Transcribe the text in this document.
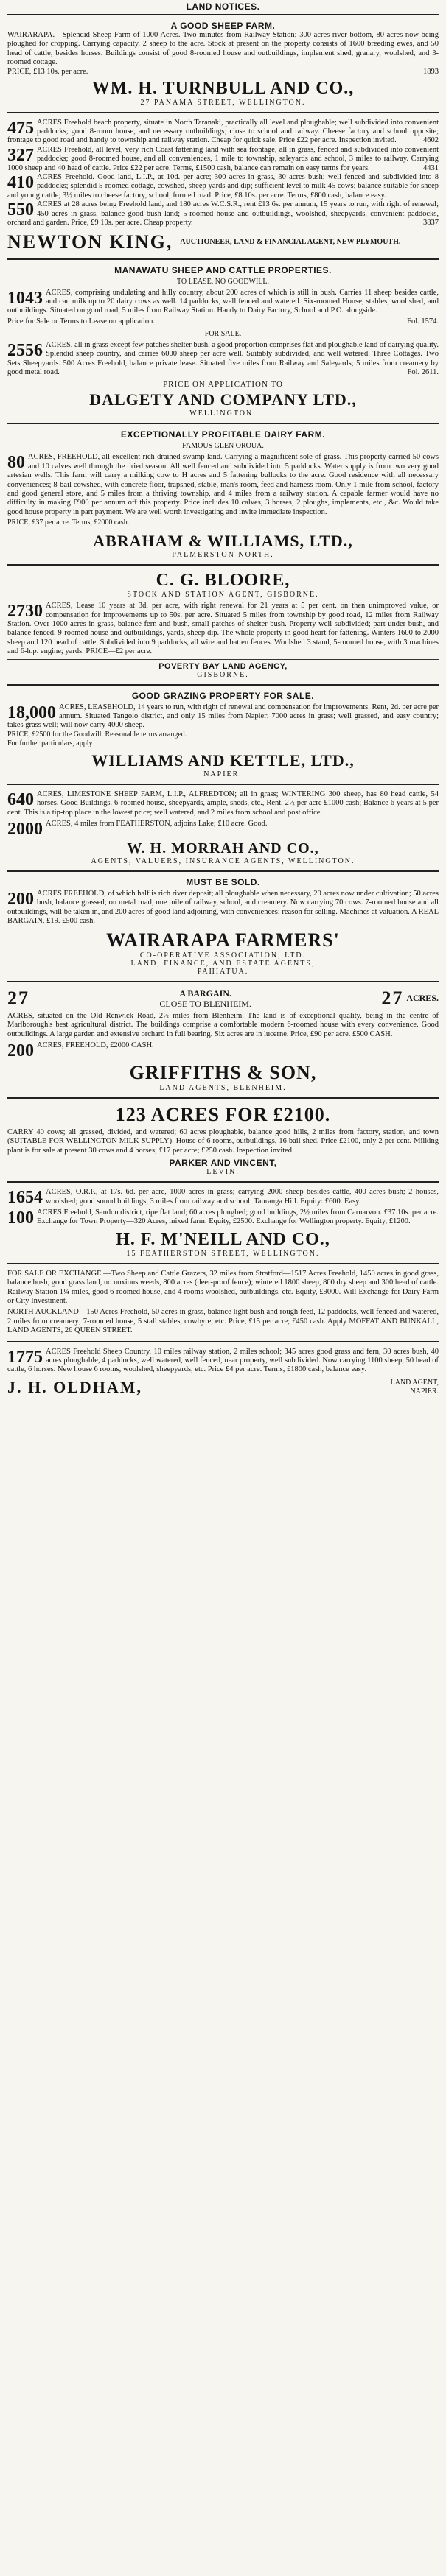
LAND NOTICES.
A GOOD SHEEP FARM.
WAIRARAPA.—Splendid Sheep Farm of 1000 Acres. Two minutes from Railway Station; 300 acres river bottom, 80 acres now being ploughed for cropping. Carrying capacity, 2 sheep to the acre. Stock at present on the property consists of 1600 breeding ewes, and 50 head of cattle, besides horses. Buildings consist of good 8-roomed house and outbuildings, implement shed, granary, woolshed, and 3-roomed cottage.
PRICE, £13 10s. per acre.	1893
WM. H. TURNBULL AND CO.,
27 PANAMA STREET, WELLINGTON.
475 ACRES Freehold beach property, situate in North Taranaki, practically all level and ploughable; well subdivided into convenient paddocks; good 8-room house, and necessary outbuildings; close to school and railway. Cheese factory and school opposite; frontage to good road and handy to township and railway station. Cheap for quick sale. Price £22 per acre. Inspection invited.	4602
327 ACRES Freehold, all level, very rich Coast fattening land with sea frontage, all in grass, fenced and subdivided into convenient paddocks; good 8-roomed house, and all conveniences, 1 mile to township, saleyards and school, 3 miles to railway. Carrying 1000 sheep and 40 head of cattle. Price £22 per acre. Terms, £1500 cash, balance can remain on easy terms for years.	4431
410 ACRES Freehold. Good land, L.I.P., at 10d. per acre; 300 acres in grass, 30 acres bush; well fenced and subdivided into 8 paddocks; splendid 5-roomed cottage, cowshed, sheep yards and dip; sufficient level to milk 45 cows; balance suitable for sheep and young cattle; 3½ miles to cheese factory, school, formed road. Price, £8 10s. per acre. Terms, £800 cash, balance easy.
550 ACRES at 28 acres being Freehold land, and 180 acres W.C.S.R., rent £13 6s. per annum, 15 years to run, with right of renewal; 450 acres in grass, balance good bush land; 5-roomed house and outbuildings, woolshed, sheepyards, convenient paddocks, orchard and garden. Price, £9 10s. per acre. Cheap property.	3837
NEWTON KING, AUCTIONEER, LAND & FINANCIAL AGENT, NEW PLYMOUTH.
MANAWATU SHEEP AND CATTLE PROPERTIES.
TO LEASE. NO GOODWILL.
1043 ACRES, comprising undulating and hilly country, about 200 acres of which is still in bush. Carries 11 sheep besides cattle, and can milk up to 20 dairy cows as well. 14 paddocks, well fenced and watered. Six-roomed House, stables, wool shed, and outbuildings. Situated on good road, 5 miles from Railway Station. Handy to Dairy Factory, School and P.O. alongside.
Price for Sale or Terms to Lease on application.	Fol. 1574.
FOR SALE.
2556 ACRES, all in grass except few patches shelter bush, a good proportion comprises flat and ploughable land of dairying quality. Splendid sheep country, and carries 6000 sheep per acre well. Suitably subdivided, and well watered. Three Cottages. Two Sets Sheepyards. 500 Acres Freehold, balance private lease. Situated five miles from Railway and Saleyards; 5 miles from creamery by good metal road.	Fol. 2611.
PRICE ON APPLICATION TO
DALGETY AND COMPANY LTD.,
WELLINGTON.
EXCEPTIONALLY PROFITABLE DAIRY FARM.
FAMOUS GLEN OROUA.
80 ACRES, FREEHOLD, all excellent rich drained swamp land. Carrying a magnificent sole of grass. This property carried 50 cows and 10 calves well through the dried season. All well fenced and subdivided into 5 paddocks. Water supply is from two very good artesian wells. This farm will carry a milking cow to H acres and 5 fattening bullocks to the acre. Good residence with all necessary conveniences; 8-bail cowshed, with concrete floor, trapshed, stable, man's room, feed and harness room. Only 1 mile from school, factory and good general store, and 5 miles from a thriving township, and 4 miles from a railway station. A capable farmer would have no difficulty in making £900 per annum off this property. Price includes 10 calves, 3 horses, 2 ploughs, implements, etc., &c. Would take good house property in part payment. We are well worth investigating and invite immediate inspection.
PRICE, £37 per acre. Terms, £2000 cash.
ABRAHAM & WILLIAMS, LTD.,
PALMERSTON NORTH.
C. G. BLOORE,
STOCK AND STATION AGENT, GISBORNE.
2730 ACRES, Lease 10 years at 3d. per acre, with right renewal for 21 years at 5 per cent. on then unimproved value, or compensation for improvements up to 50s. per acre. Situated 5 miles from township by good road, 12 miles from Railway Station. Over 1000 acres in grass, balance fern and bush, small patches of shelter bush. Property well subdivided; part under bush, and balance fenced. 9-roomed house and outbuildings, yards, sheep dip. The whole property in good heart for fattening. Winters 1600 to 2000 sheep and 120 head of cattle. Subdivided into 9 paddocks, all wire and batten fences. Woolshed 3 stand, 5-roomed house, with 3 machines and 6-h.p. engine; yards. PRICE—£2 per acre.
POVERTY BAY LAND AGENCY,
GISBORNE.
GOOD GRAZING PROPERTY FOR SALE.
18,000 ACRES, LEASEHOLD, 14 years to run, with right of renewal and compensation for improvements. Rent, 2d. per acre per annum. Situated Tangoio district, and only 15 miles from Napier; 7000 acres in grass; well grassed, and easy country; takes grass well; will now carry 4000 sheep.
PRICE, £2500 for the Goodwill. Reasonable terms arranged.
For further particulars, apply
WILLIAMS AND KETTLE, LTD.,
NAPIER.
640 ACRES, LIMESTONE SHEEP FARM, L.I.P., ALFREDTON; all in grass; WINTERING 300 sheep, has 80 head cattle, 54 horses. Good Buildings. 6-roomed house, sheepyards, ample, sheds, etc., Rent, 2½ per acre £1000 cash; Balance 6 years at 5 per cent. This is a tip-top place in the lowest price; well watered, and 2 miles from school and post office.
2000 ACRES, 4 miles from FEATHERSTON, adjoins Lake; £10 acre. Good.
W. H. MORRAH AND CO.,
AGENTS, VALUERS, INSURANCE AGENTS, WELLINGTON.
MUST BE SOLD.
200 ACRES FREEHOLD, of which half is rich river deposit; all ploughable when necessary, 20 acres now under cultivation; 50 acres bush, balance grassed; on metal road, one mile of railway, school, and creamery. Now carrying 70 cows. 7-roomed house and all outbuildings, will be taken in, and 200 acres of good land adjoining, with conveniences; reason for selling. Machines at valuation. A REAL BARGAIN, £19. £500 cash.
WAIRARAPA FARMERS'
CO-OPERATIVE ASSOCIATION, LTD.
LAND, FINANCE, AND ESTATE AGENTS,
PAHIATUA.
27	A BARGAIN.
CLOSE TO BLENHEIM.	27 ACRES.
ACRES, situated on the Old Renwick Road, 2½ miles from Blenheim. The land is of exceptional quality, being in the centre of Marlborough's best agricultural district. The buildings comprise a comfortable modern 6-roomed house with every convenience. Good outbuildings. A large garden and extensive orchard in full bearing. Six acres are in lucerne. Price, £90 per acre. £500 CASH.
200 ACRES, FREEHOLD, £2000 CASH.
GRIFFITHS & SON,
LAND AGENTS, BLENHEIM.
123 ACRES FOR £2100.
CARRY 40 cows; all grassed, divided, and watered; 60 acres ploughable, balance good hills, 2 miles from factory, station, and town (SUITABLE FOR WELLINGTON MILK SUPPLY). House of 6 rooms, outbuildings, 16 bail shed. Price £2100, only 2 per cent. Milking plant is for sale at present 30 cows and 4 horses; £17 per acre; £250 cash. Inspection invited.
PARKER AND VINCENT,
LEVIN.
1654 ACRES, O.R.P., at 17s. 6d. per acre, 1000 acres in grass; carrying 2000 sheep besides cattle, 400 acres bush; 2 houses, woolshed; good sound buildings, 3 miles from railway and school. Tauranga Hill. Equity: £600. Easy.
100 ACRES Freehold, Sandon district, ripe flat land; 60 acres ploughed; good buildings, 2½ miles from Carnarvon. £37 10s. per acre. Exchange for Town Property—320 Acres, mixed farm. Equity, £2500. Exchange for Wellington property. Equity, £1200.
H. F. M'NEILL AND CO.,
15 FEATHERSTON STREET, WELLINGTON.
FOR SALE OR EXCHANGE.—Two Sheep and Cattle Grazers, 32 miles from Stratford—1517 Acres Freehold, 1450 acres in good grass, balance bush, good grass land, no noxious weeds, 800 acres (deer-proof fence); wintered 1800 sheep, 800 dry sheep and 300 head of cattle. Railway Station 1¼ miles, good 6-roomed house, and 4 rooms woolshed, outbuildings, etc. Equity, £9000. Will Exchange for Dairy Farm or City Investment.
NORTH AUCKLAND—150 Acres Freehold, 50 acres in grass, balance light bush and rough feed, 12 paddocks, well fenced and watered, 2 miles from creamery; 7-roomed house, 5 stall stables, cowbyre, etc. Price, £15 per acre; £450 cash. Apply MOFFAT AND BUNKALL, LAND AGENTS, 26 QUEEN STREET.
1775 ACRES Freehold Sheep Country, 10 miles railway station, 2 miles school; 345 acres good grass and fern, 30 acres bush, 40 acres ploughable, 4 paddocks, well watered, well fenced, near property, well subdivided. Now carrying 1100 sheep, 50 head of cattle, 6 horses. New house 6 rooms, woolshed, sheepyards, etc. Price £4 per acre. Terms, £1800 cash, balance easy.
J. H. OLDHAM,	LAND AGENT,
NAPIER.
